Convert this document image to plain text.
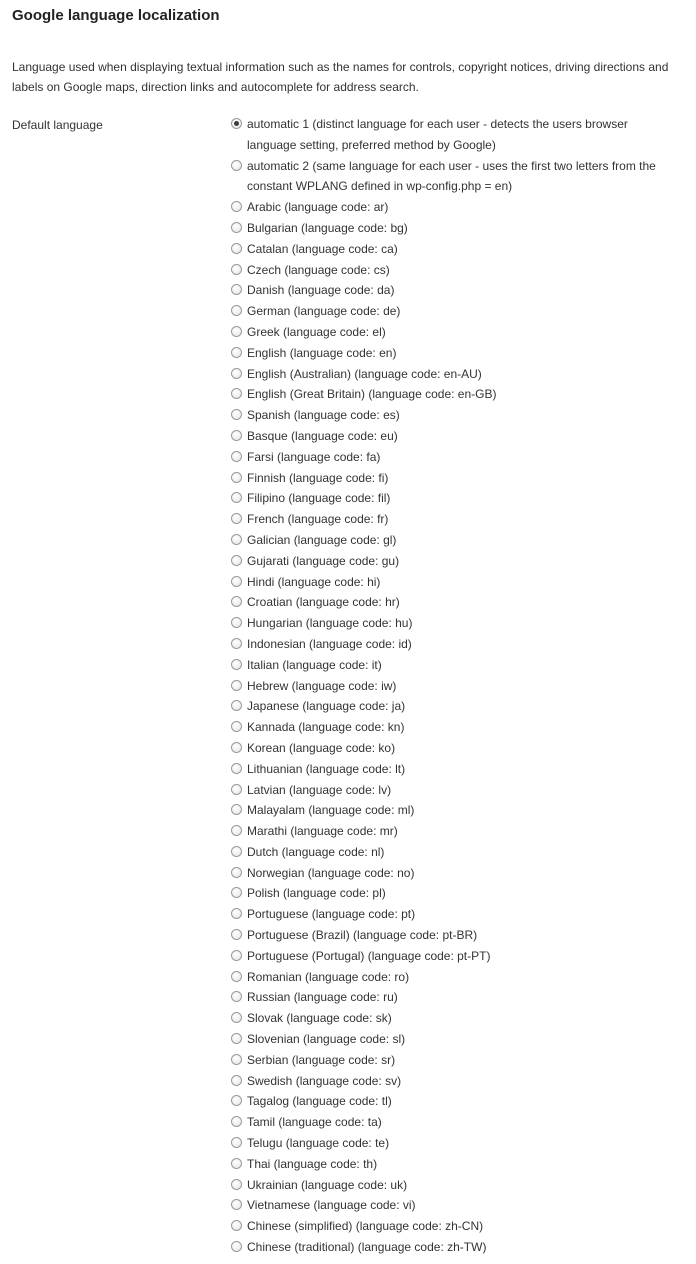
Google language localization

Language used when displaying textual information such as the names for controls, copyright notices, driving directions and labels on Google maps, direction links and autocomplete for address search.

Default language	automatic 1 (distinct language for each user - detects the users browser language setting, preferred method by Google)
automatic 2 (same language for each user - uses the first two letters from the constant WPLANG defined in wp-config.php = en)
Arabic (language code: ar)
Bulgarian (language code: bg)
Catalan (language code: ca)
Czech (language code: cs)
Danish (language code: da)
German (language code: de)
Greek (language code: el)
English (language code: en)
English (Australian) (language code: en-AU)
English (Great Britain) (language code: en-GB)
Spanish (language code: es)
Basque (language code: eu)
Farsi (language code: fa)
Finnish (language code: fi)
Filipino (language code: fil)
French (language code: fr)
Galician (language code: gl)
Gujarati (language code: gu)
Hindi (language code: hi)
Croatian (language code: hr)
Hungarian (language code: hu)
Indonesian (language code: id)
Italian (language code: it)
Hebrew (language code: iw)
Japanese (language code: ja)
Kannada (language code: kn)
Korean (language code: ko)
Lithuanian (language code: lt)
Latvian (language code: lv)
Malayalam (language code: ml)
Marathi (language code: mr)
Dutch (language code: nl)
Norwegian (language code: no)
Polish (language code: pl)
Portuguese (language code: pt)
Portuguese (Brazil) (language code: pt-BR)
Portuguese (Portugal) (language code: pt-PT)
Romanian (language code: ro)
Russian (language code: ru)
Slovak (language code: sk)
Slovenian (language code: sl)
Serbian (language code: sr)
Swedish (language code: sv)
Tagalog (language code: tl)
Tamil (language code: ta)
Telugu (language code: te)
Thai (language code: th)
Ukrainian (language code: uk)
Vietnamese (language code: vi)
Chinese (simplified) (language code: zh-CN)
Chinese (traditional) (language code: zh-TW)
